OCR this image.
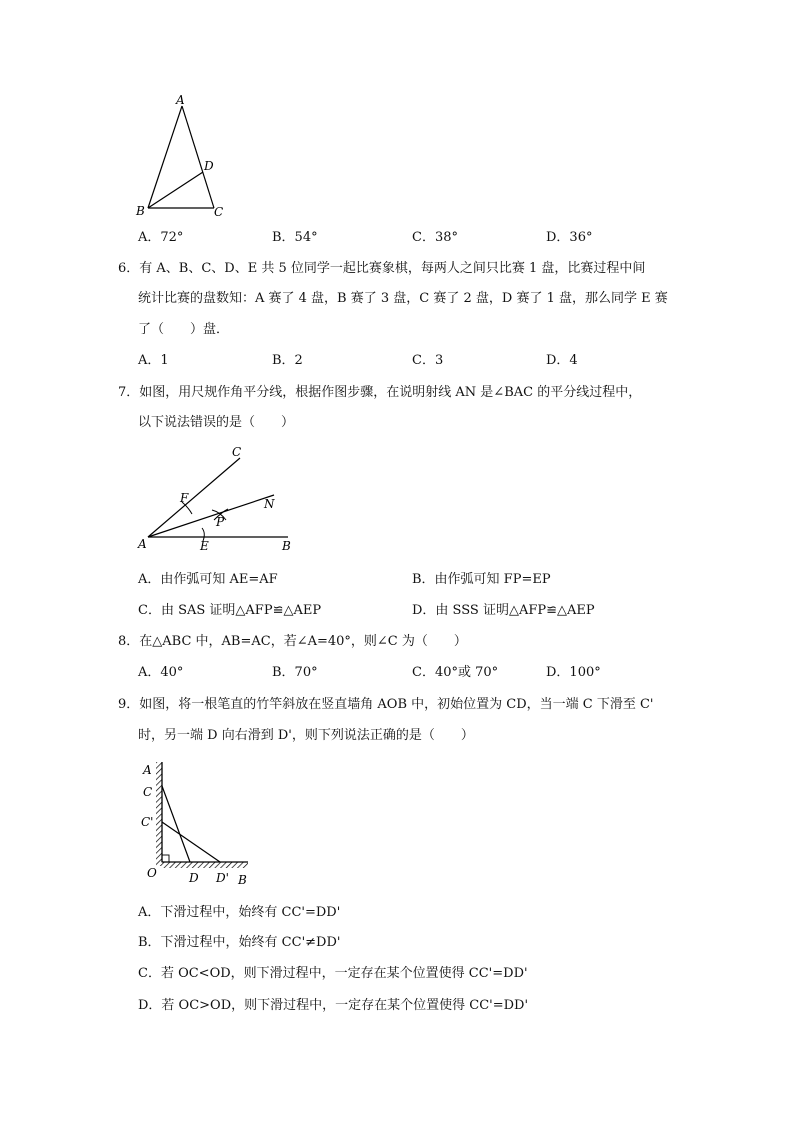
A
B	C
D
A．72°	B．54°	C．38°	D．36°
6．有 A、B、C、D、E 共 5 位同学一起比赛象棋，每两人之间只比赛 1 盘，比赛过程中间
统计比赛的盘数知：A 赛了 4 盘，B 赛了 3 盘，C 赛了 2 盘，D 赛了 1 盘，那么同学 E 赛
了（　　）盘．
A．1	B．2	C．3	D．4
7．如图，用尺规作角平分线，根据作图步骤，在说明射线 AN 是∠BAC 的平分线过程中，
以下说法错误的是（　　）
C
F	N
P
A	E	B
A．由作弧可知 AE=AF	B．由作弧可知 FP=EP
C．由 SAS 证明△AFP≌△AEP	D．由 SSS 证明△AFP≌△AEP
8．在△ABC 中，AB=AC，若∠A=40°，则∠C 为（　　）
A．40°	B．70°	C．40°或 70°	D．100°
9．如图，将一根笔直的竹竿斜放在竖直墙角 AOB 中，初始位置为 CD，当一端 C 下滑至 C'
时，另一端 D 向右滑到 D'，则下列说法正确的是（　　）
A
C
C'
O	D D' B
A．下滑过程中，始终有 CC'=DD'
B．下滑过程中，始终有 CC'≠DD'
C．若 OC<OD，则下滑过程中，一定存在某个位置使得 CC'=DD'
D．若 OC>OD，则下滑过程中，一定存在某个位置使得 CC'=DD'
